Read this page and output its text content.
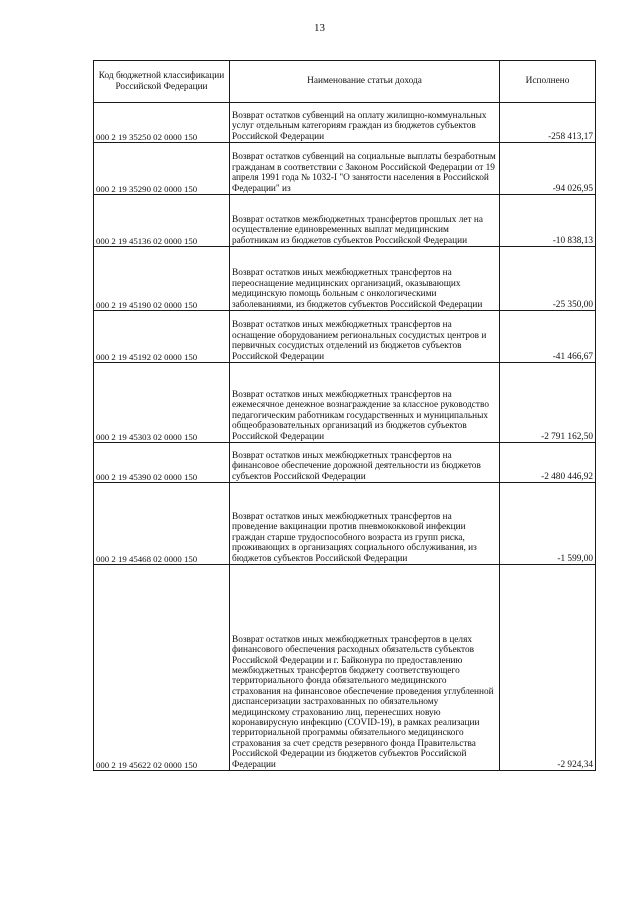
13
Код бюджетной классификации Российской Федерации	Наименование статьи дохода	Исполнено
000 2 19 35250 02 0000 150	Возврат остатков субвенций на оплату жилищно-коммунальных услуг отдельным категориям граждан из бюджетов субъектов Российской Федерации	-258 413,17
000 2 19 35290 02 0000 150	Возврат остатков субвенций на социальные выплаты безработным гражданам в соответствии с Законом Российской Федерации от 19 апреля 1991 года № 1032-I "О занятости населения в Российской Федерации" из	-94 026,95
000 2 19 45136 02 0000 150	Возврат остатков межбюджетных трансфертов прошлых лет на осуществление единовременных выплат медицинским работникам из бюджетов субъектов Российской Федерации	-10 838,13
000 2 19 45190 02 0000 150	Возврат остатков иных межбюджетных трансфертов на переоснащение медицинских организаций, оказывающих медицинскую помощь больным с онкологическими заболеваниями, из бюджетов субъектов Российской Федерации	-25 350,00
000 2 19 45192 02 0000 150	Возврат остатков иных межбюджетных трансфертов на оснащение оборудованием региональных сосудистых центров и первичных сосудистых отделений из бюджетов субъектов Российской Федерации	-41 466,67
000 2 19 45303 02 0000 150	Возврат остатков иных межбюджетных трансфертов на ежемесячное денежное вознаграждение за классное руководство педагогическим работникам государственных и муниципальных общеобразовательных организаций из бюджетов субъектов Российской Федерации	-2 791 162,50
000 2 19 45390 02 0000 150	Возврат остатков иных межбюджетных трансфертов на финансовое обеспечение дорожной деятельности из бюджетов субъектов Российской Федерации	-2 480 446,92
000 2 19 45468 02 0000 150	Возврат остатков иных межбюджетных трансфертов на проведение вакцинации против пневмококковой инфекции граждан старше трудоспособного возраста из групп риска, проживающих в организациях социального обслуживания, из бюджетов субъектов Российской Федерации	-1 599,00
000 2 19 45622 02 0000 150	Возврат остатков иных межбюджетных трансфертов в целях финансового обеспечения расходных обязательств субъектов Российской Федерации и г. Байконура по предоставлению межбюджетных трансфертов бюджету соответствующего территориального фонда обязательного медицинского страхования на финансовое обеспечение проведения углубленной диспансеризации застрахованных по обязательному медицинскому страхованию лиц, перенесших новую коронавирусную инфекцию (COVID-19), в рамках реализации территориальной программы обязательного медицинского страхования за счет средств резервного фонда Правительства Российской Федерации из бюджетов субъектов Российской Федерации	-2 924,34
